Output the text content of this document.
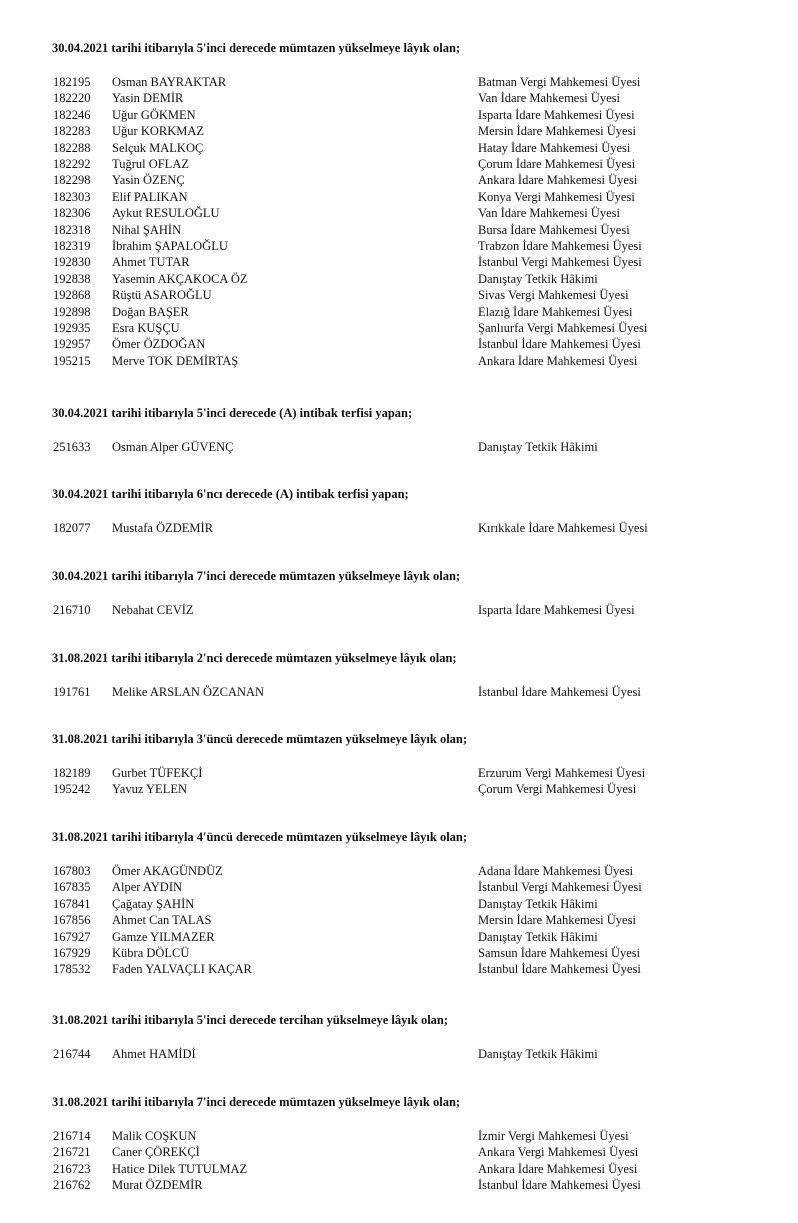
30.04.2021 tarihi itibarıyla 5'inci derecede mümtazen yükselmeye lâyık olan;
182195 Osman BAYRAKTAR	Batman Vergi Mahkemesi Üyesi
182220 Yasin DEMİR	Van İdare Mahkemesi Üyesi
182246 Uğur GÖKMEN	Isparta İdare Mahkemesi Üyesi
182283 Uğur KORKMAZ	Mersin İdare Mahkemesi Üyesi
182288 Selçuk MALKOÇ	Hatay İdare Mahkemesi Üyesi
182292 Tuğrul OFLAZ	Çorum İdare Mahkemesi Üyesi
182298 Yasin ÖZENÇ	Ankara İdare Mahkemesi Üyesi
182303 Elif PALIKAN	Konya Vergi Mahkemesi Üyesi
182306 Aykut RESULOĞLU	Van İdare Mahkemesi Üyesi
182318 Nihal ŞAHİN	Bursa İdare Mahkemesi Üyesi
182319 İbrahim ŞAPALOĞLU	Trabzon İdare Mahkemesi Üyesi
192830 Ahmet TUTAR	İstanbul Vergi Mahkemesi Üyesi
192838 Yasemin AKÇAKOCA ÖZ	Danıştay Tetkik Hâkimi
192868 Rüştü ASAROĞLU	Sivas Vergi Mahkemesi Üyesi
192898 Doğan BAŞER	Elazığ İdare Mahkemesi Üyesi
192935 Esra KUŞÇU	Şanlıurfa Vergi Mahkemesi Üyesi
192957 Ömer ÖZDOĞAN	İstanbul İdare Mahkemesi Üyesi
195215 Merve TOK DEMİRTAŞ	Ankara İdare Mahkemesi Üyesi
30.04.2021 tarihi itibarıyla 5'inci derecede (A) intibak terfisi yapan;
251633 Osman Alper GÜVENÇ	Danıştay Tetkik Hâkimi
30.04.2021 tarihi itibarıyla 6'ncı derecede (A) intibak terfisi yapan;
182077 Mustafa ÖZDEMİR	Kırıkkale İdare Mahkemesi Üyesi
30.04.2021 tarihi itibarıyla 7'inci derecede mümtazen yükselmeye lâyık olan;
216710 Nebahat CEVİZ	Isparta İdare Mahkemesi Üyesi
31.08.2021 tarihi itibarıyla 2'nci derecede mümtazen yükselmeye lâyık olan;
191761 Melike ARSLAN ÖZCANAN	İstanbul İdare Mahkemesi Üyesi
31.08.2021 tarihi itibarıyla 3'üncü derecede mümtazen yükselmeye lâyık olan;
182189 Gurbet TÜFEKÇİ	Erzurum Vergi Mahkemesi Üyesi
195242 Yavuz YELEN	Çorum Vergi Mahkemesi Üyesi
31.08.2021 tarihi itibarıyla 4'üncü derecede mümtazen yükselmeye lâyık olan;
167803 Ömer AKAGÜNDÜZ	Adana İdare Mahkemesi Üyesi
167835 Alper AYDIN	İstanbul Vergi Mahkemesi Üyesi
167841 Çağatay ŞAHİN	Danıştay Tetkik Hâkimi
167856 Ahmet Can TALAS	Mersin İdare Mahkemesi Üyesi
167927 Gamze YILMAZER	Danıştay Tetkik Hâkimi
167929 Kübra DÖLCÜ	Samsun İdare Mahkemesi Üyesi
178532 Faden YALVAÇLI KAÇAR	İstanbul İdare Mahkemesi Üyesi
31.08.2021 tarihi itibarıyla 5'inci derecede tercihan yükselmeye lâyık olan;
216744 Ahmet HAMİDİ	Danıştay Tetkik Hâkimi
31.08.2021 tarihi itibarıyla 7'inci derecede mümtazen yükselmeye lâyık olan;
216714 Malik COŞKUN	İzmir Vergi Mahkemesi Üyesi
216721 Caner ÇÖREKÇİ	Ankara Vergi Mahkemesi Üyesi
216723 Hatice Dilek TUTULMAZ	Ankara İdare Mahkemesi Üyesi
216762 Murat ÖZDEMİR	İstanbul İdare Mahkemesi Üyesi
